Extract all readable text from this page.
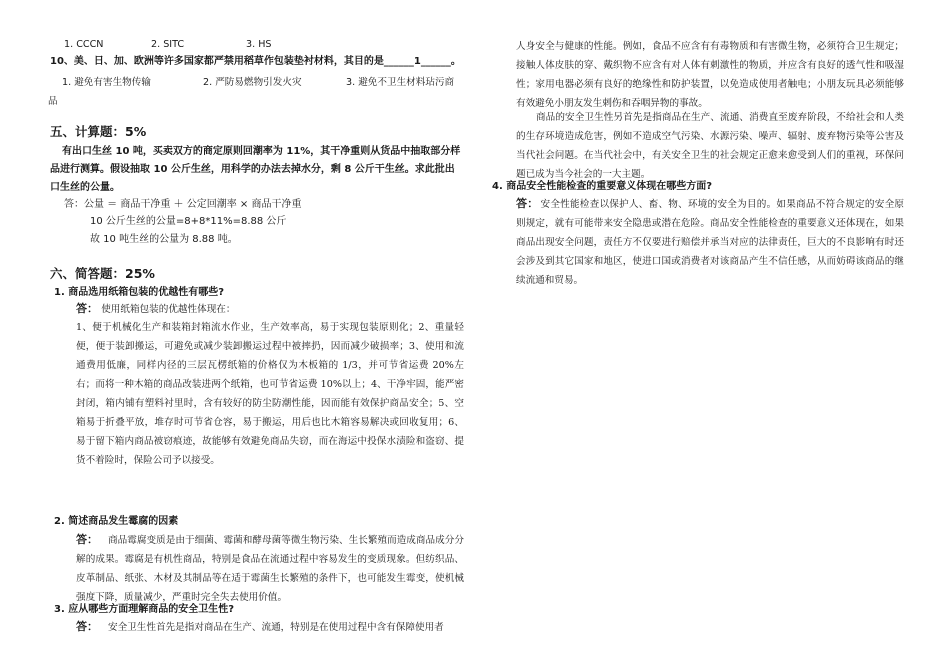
1. CCCN	2. SITC	3. HS
10、美、日、加、欧洲等许多国家都严禁用稻草作包装垫衬材料，其目的是______1______。
1. 避免有害生物传输	2. 严防易燃物引发火灾	3. 避免不卫生材料玷污商
品
五、计算题：5%
有出口生丝 10 吨，买卖双方的商定原则回潮率为 11%，其干净重则从货品中抽取部分样
品进行测算。假设抽取 10 公斤生丝，用科学的办法去掉水分，剩 8 公斤干生丝。求此批出
口生丝的公量。
答：公量 ＝ 商品干净重 ＋ 公定回潮率 × 商品干净重
10 公斤生丝的公量=8+8*11%=8.88 公斤
故 10 吨生丝的公量为 8.88 吨。
六、简答题：25%
1. 商品选用纸箱包装的优越性有哪些?
答： 使用纸箱包装的优越性体现在：
1、便于机械化生产和装箱封箱流水作业，生产效率高，易于实现包装原则化；2、重量轻便，便于装卸搬运，可避免或减少装卸搬运过程中被摔扔，因而减少破损率；3、使用和流通费用低廉，同样内径的三层瓦楞纸箱的价格仅为木板箱的 1/3，并可节省运费 20%左右；而将一种木箱的商品改装进两个纸箱，也可节省运费 10%以上；4、干净牢固，能严密封闭，箱内铺有塑料衬里时，含有较好的防尘防潮性能，因而能有效保护商品安全；5、空箱易于折叠平放，堆存时可节省仓容，易于搬运，用后也比木箱容易解决或回收复用；6、易于留下箱内商品被窃痕迹，故能够有效避免商品失窃，而在海运中投保水渍险和盗窃、提货不着险时，保险公司予以接受。
2. 简述商品发生霉腐的因素
答： 商品霉腐变质是由于细菌、霉菌和酵母菌等微生物污染、生长繁殖而造成商品成分分解的成果。霉腐是有机性商品，特别是食品在流通过程中容易发生的变质现象。但纺织品、皮革制品、纸张、木材及其制品等在适于霉菌生长繁殖的条件下，也可能发生霉变，使机械强度下降，质量减少，严重时完全失去使用价值。
3. 应从哪些方面理解商品的安全卫生性?
答： 安全卫生性首先是指对商品在生产、流通，特别是在使用过程中含有保障使用者
人身安全与健康的性能。例如，食品不应含有有毒物质和有害微生物，必须符合卫生规定；接触人体皮肤的穿、戴织物不应含有对人体有刺激性的物质，并应含有良好的透气性和吸湿性；家用电器必须有良好的绝缘性和防护装置，以免造成使用者触电；小朋友玩具必须能够有效避免小朋友发生剌伤和吞咽异物的事故。
商品的安全卫生性另首先是指商品在生产、流通、消费直至废弃阶段，不给社会和人类的生存环境造成危害，例如不造成空气污染、水源污染、噪声、辐射、废弃物污染等公害及当代社会问题。在当代社会中，有关安全卫生的社会规定正愈来愈受到人们的重视，环保问题已成为当今社会的一大主题。
4. 商品安全性能检查的重要意义体现在哪些方面?
答： 安全性能检查以保护人、畜、物、环境的安全为目的。如果商品不符合规定的安全原则规定，就有可能带来安全隐患或潜在危险。商品安全性能检查的重要意义还体现在，如果商品出现安全问题，责任方不仅要进行赔偿并承当对应的法律责任，巨大的不良影响有时还会涉及到其它国家和地区，使进口国或消费者对该商品产生不信任感，从而妨碍该商品的继续流通和贸易。
